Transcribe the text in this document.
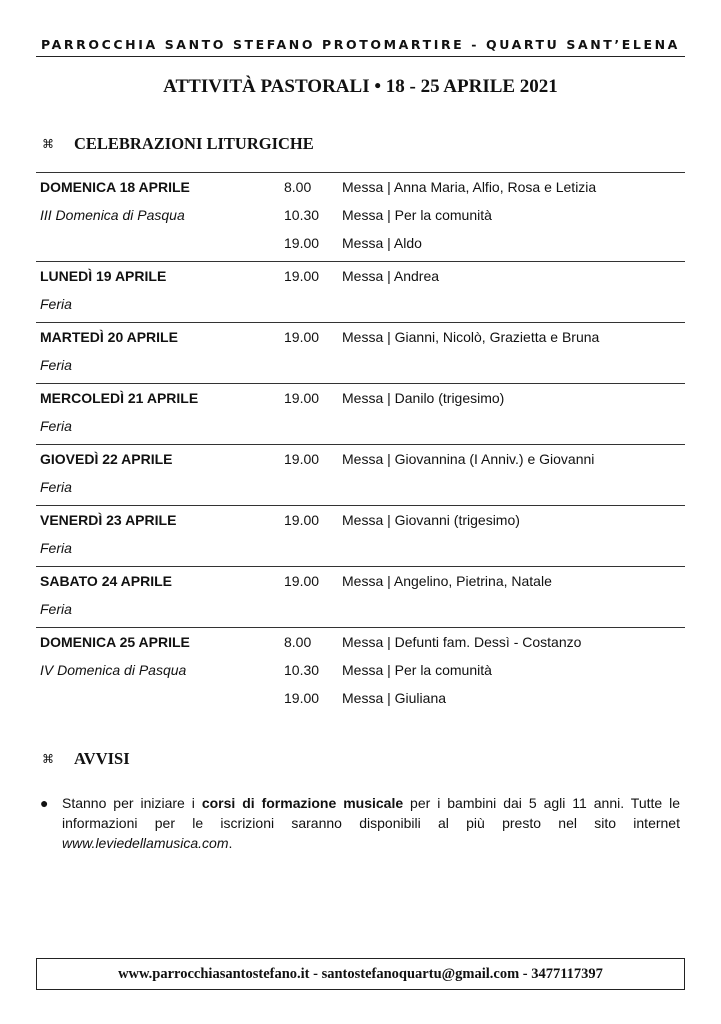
PARROCCHIA SANTO STEFANO PROTOMARTIRE - QUARTU SANT’ELENA
ATTIVITÀ PASTORALI • 18 - 25 APRILE 2021
⌘ CELEBRAZIONI LITURGICHE
DOMENICA 18 APRILE	8.00	Messa | Anna Maria, Alfio, Rosa e Letizia
III Domenica di Pasqua	10.30	Messa | Per la comunità
19.00	Messa | Aldo
LUNEDÌ 19 APRILE	19.00	Messa | Andrea
Feria
MARTEDÌ 20 APRILE	19.00	Messa | Gianni, Nicolò, Grazietta e Bruna
Feria
MERCOLEDÌ 21 APRILE	19.00	Messa | Danilo (trigesimo)
Feria
GIOVEDÌ 22 APRILE	19.00	Messa | Giovannina (I Anniv.) e Giovanni
Feria
VENERDÌ 23 APRILE	19.00	Messa | Giovanni (trigesimo)
Feria
SABATO 24 APRILE	19.00	Messa | Angelino, Pietrina, Natale
Feria
DOMENICA 25 APRILE	8.00	Messa | Defunti fam. Dessì - Costanzo
IV Domenica di Pasqua	10.30	Messa | Per la comunità
19.00	Messa | Giuliana
⌘ AVVISI
● Stanno per iniziare i corsi di formazione musicale per i bambini dai 5 agli 11 anni. Tutte le informazioni per le iscrizioni saranno disponibili al più presto nel sito internet www.leviedellamusica.com.
www.parrocchiasantostefano.it - santostefanoquartu@gmail.com - 3477117397
